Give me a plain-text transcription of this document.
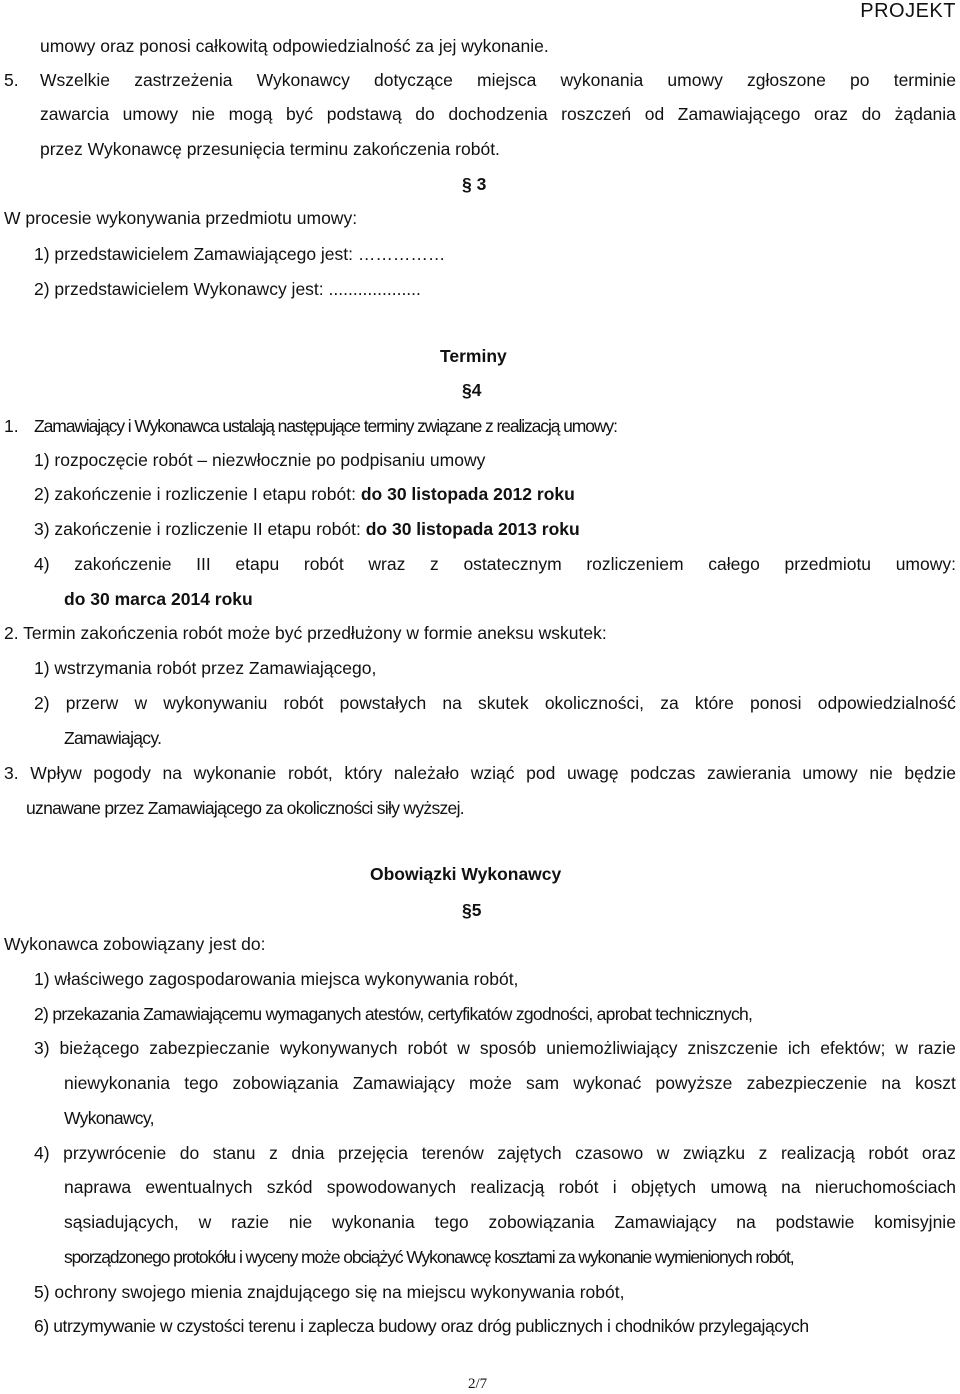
PROJEKT
umowy oraz ponosi całkowitą odpowiedzialność za jej wykonanie.
5. Wszelkie zastrzeżenia Wykonawcy dotyczące miejsca wykonania umowy zgłoszone po terminie
zawarcia umowy nie mogą być podstawą do dochodzenia roszczeń od Zamawiającego oraz do żądania
przez Wykonawcę przesunięcia terminu zakończenia robót.
§ 3
W procesie wykonywania przedmiotu umowy:
1) przedstawicielem Zamawiającego jest: ……………
2) przedstawicielem Wykonawcy jest: ...................
Terminy
§4
1. Zamawiający i Wykonawca ustalają następujące terminy związane z realizacją umowy:
1) rozpoczęcie robót – niezwłocznie po podpisaniu umowy
2) zakończenie i rozliczenie I etapu robót: do 30 listopada 2012 roku
3) zakończenie i rozliczenie II etapu robót: do 30 listopada 2013 roku
4) zakończenie III etapu robót wraz z ostatecznym rozliczeniem całego przedmiotu umowy:
do 30 marca 2014 roku
2. Termin zakończenia robót może być przedłużony w formie aneksu wskutek:
1) wstrzymania robót przez Zamawiającego,
2) przerw w wykonywaniu robót powstałych na skutek okoliczności, za które ponosi odpowiedzialność
Zamawiający.
3. Wpływ pogody na wykonanie robót, który należało wziąć pod uwagę podczas zawierania umowy nie będzie
uznawane przez Zamawiającego za okoliczności siły wyższej.
Obowiązki Wykonawcy
§5
Wykonawca zobowiązany jest do:
1) właściwego zagospodarowania miejsca wykonywania robót,
2) przekazania Zamawiającemu wymaganych atestów, certyfikatów zgodności, aprobat technicznych,
3) bieżącego zabezpieczanie wykonywanych robót w sposób uniemożliwiający zniszczenie ich efektów; w razie
niewykonania tego zobowiązania Zamawiający może sam wykonać powyższe zabezpieczenie na koszt
Wykonawcy,
4) przywrócenie do stanu z dnia przejęcia terenów zajętych czasowo w związku z realizacją robót oraz
naprawa ewentualnych szkód spowodowanych realizacją robót i objętych umową na nieruchomościach
sąsiadujących, w razie nie wykonania tego zobowiązania Zamawiający na podstawie komisyjnie
sporządzonego protokółu i wyceny może obciążyć Wykonawcę kosztami za wykonanie wymienionych robót,
5) ochrony swojego mienia znajdującego się na miejscu wykonywania robót,
6) utrzymywanie w czystości terenu i zaplecza budowy oraz dróg publicznych i chodników przylegających
2/7
